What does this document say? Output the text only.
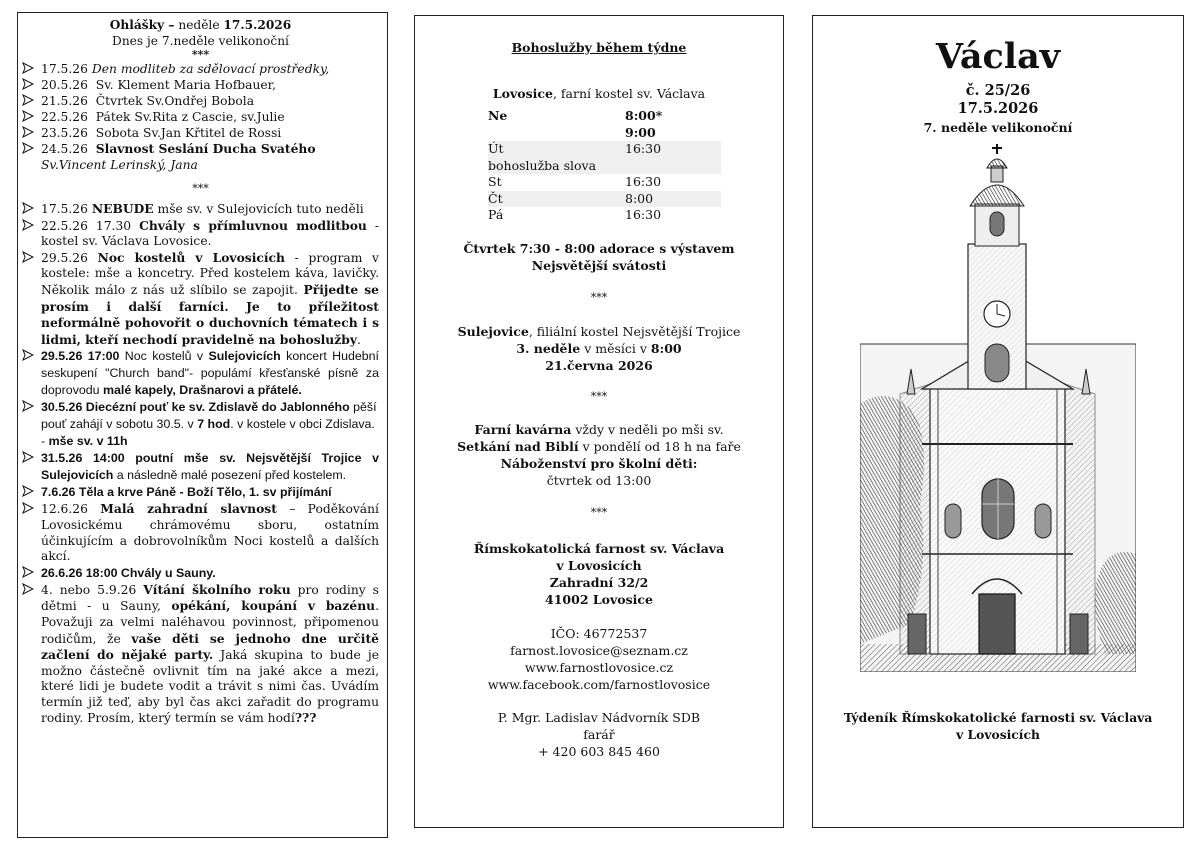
Ohlášky – neděle 17.5.2026
Dnes je 7.neděle velikonoční
***
17.5.26 Den modliteb za sdělovací prostředky,
20.5.26 Sv. Klement Maria Hofbauer,
21.5.26 Čtvrtek Sv.Ondřej Bobola
22.5.26 Pátek Sv.Rita z Cascie, sv.Julie
23.5.26 Sobota Sv.Jan Křtitel de Rossi
24.5.26 Slavnost Seslání Ducha Svatého
Sv.Vincent Lerinský, Jana
***
17.5.26 NEBUDE mše sv. v Sulejovicích tuto neděli
22.5.26 17.30 Chvály s přímluvnou modlitbou - kostel sv. Václava Lovosice.
29.5.26 Noc kostelů v Lovosicích - program v kostele: mše a koncetry. Před kostelem káva, lavičky. Několik málo z nás už slíbilo se zapojit. Přijedte se prosím i další farníci. Je to příležitost neformálně pohovořit o duchovních tématech i s lidmi, kteří nechodí pravidelně na bohoslužby.
29.5.26 17:00 Noc kostelů v Sulejovicích koncert Hudební seskupení "Church band"- populámí křesťanské písně za doprovodu malé kapely, Drašnarovi a přátelé.
30.5.26 Diecézní pouť ke sv. Zdislavě do Jablonného pěší pouť zahájí v sobotu 30.5. v 7 hod. v kostele v obci Zdislava. - mše sv. v 11h
31.5.26 14:00 poutní mše sv. Nejsvětější Trojice v Sulejovicích a následně malé posezení před kostelem.
7.6.26 Těla a krve Páně - Boží Tělo, 1. sv přijímání
12.6.26 Malá zahradní slavnost – Poděkování Lovosickému chrámovému sboru, ostatním účinkujícím a dobrovolníkům Noci kostelů a dalších akcí.
26.6.26 18:00 Chvály u Sauny.
4. nebo 5.9.26 Vítání školního roku pro rodiny s dětmi - u Sauny, opékání, koupání v bazénu. Považuji za velmi naléhavou povinnost, připomenou rodičům, že vaše děti se jednoho dne určitě začlení do nějaké party. Jaká skupina to bude je možno částečně ovlivnit tím na jaké akce a mezi, které lidi je budete vodit a trávit s nimi čas. Uvádím termín již teď, aby byl čas akci zařadit do programu rodiny. Prosím, který termín se vám hodí???
Bohoslužby během týdne
Lovosice, farní kostel sv. Václava
Ne	8:00*
9:00
Út	16:30
bohoslužba slova
St	16:30
Čt	8:00
Pá	16:30
Čtvrtek 7:30 - 8:00 adorace s výstavem
Nejsvětější svátosti
***
Sulejovice, filiální kostel Nejsvětější Trojice
3. neděle v měsíci v 8:00
21.června 2026
***
Farní kavárna vždy v neděli po mši sv.
Setkání nad Biblí v pondělí od 18 h na faře
Náboženství pro školní děti:
čtvrtek od 13:00
***
Římskokatolická farnost sv. Václava
v Lovosicích
Zahradní 32/2
41002 Lovosice
IČO: 46772537
farnost.lovosice@seznam.cz
www.farnostlovosice.cz
www.facebook.com/farnostlovosice
P. Mgr. Ladislav Nádvorník SDB
farář
+ 420 603 845 460
Václav
č. 25/26
17.5.2026
7. neděle velikonoční
Týdeník Římskokatolické farnosti sv. Václava
v Lovosicích
